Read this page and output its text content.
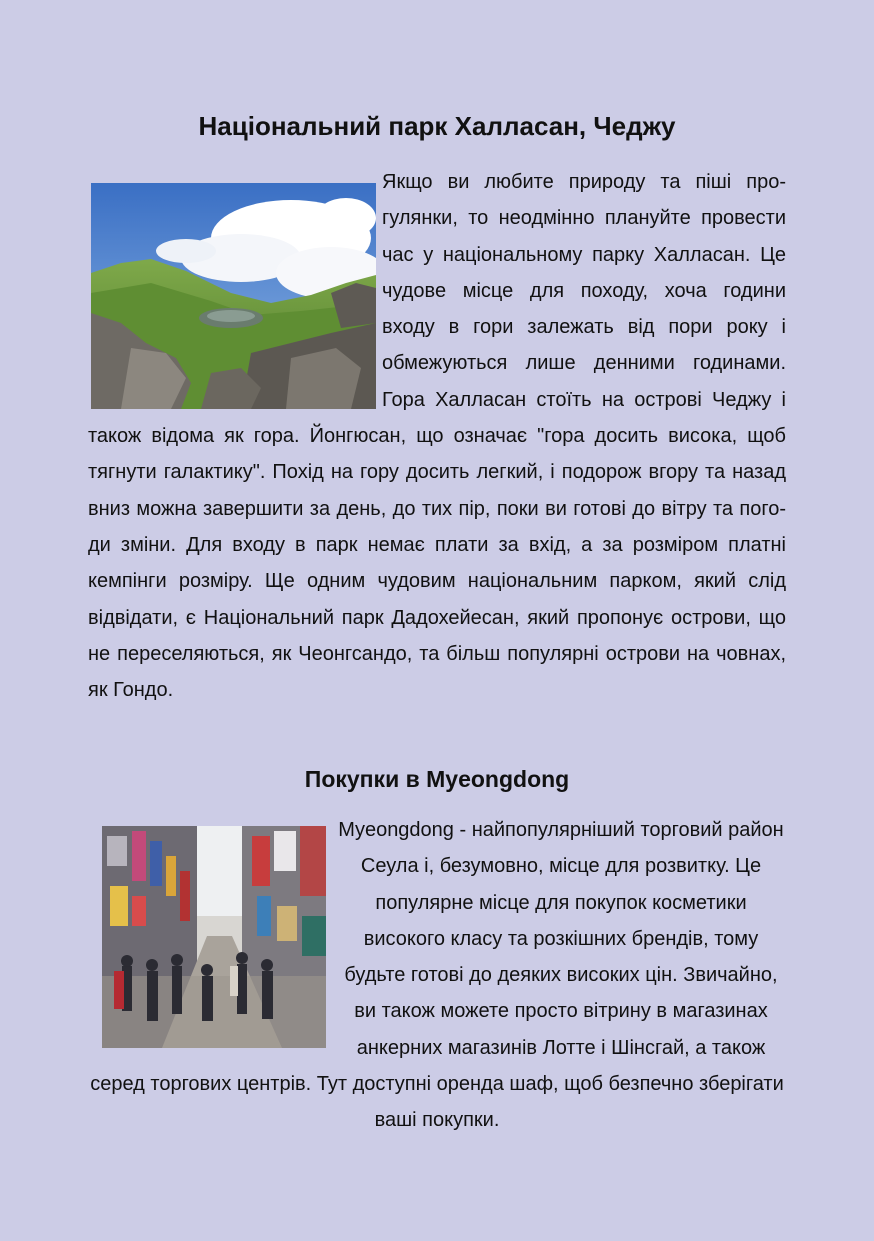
Національний парк Халласан, Чеджу
Якщо ви любите природу та піші прогулянки, то неодмінно плануйте провести час у національному парку Халласан. Це чудове місце для походу, хоча години входу в гори залежать від пори року і обмежуються лише денними годинами. Гора Халласан стоїть на острові Чеджу і також відома як гора. Йонгюсан, що означає "гора досить висока, щоб тягнути галактику". Похід на гору досить легкий, і подорож вгору та назад вниз можна завершити за день, до тих пір, поки ви готові до вітру та погоди зміни. Для входу в парк немає плати за вхід, а за розміром платні кемпінги розміру. Ще одним чудовим національним парком, який слід відвідати, є Національний парк Дадохейесан, який пропонує острови, що не переселяються, як Чеонгсандо, та більш популярні острови на човнах, як Гондо.
Покупки в Myeongdong
Myeongdong - найпопулярніший торговий район Сеула і, безумовно, місце для розвитку. Це популярне місце для покупок косметики високого класу та розкішних брендів, тому будьте готові до деяких високих цін. Звичайно, ви також можете просто вітрину в магазинах анкерних магазинів Лотте і Шінсгай, а також серед торгових центрів. Тут доступні оренда шаф, щоб безпечно зберігати ваші покупки.
